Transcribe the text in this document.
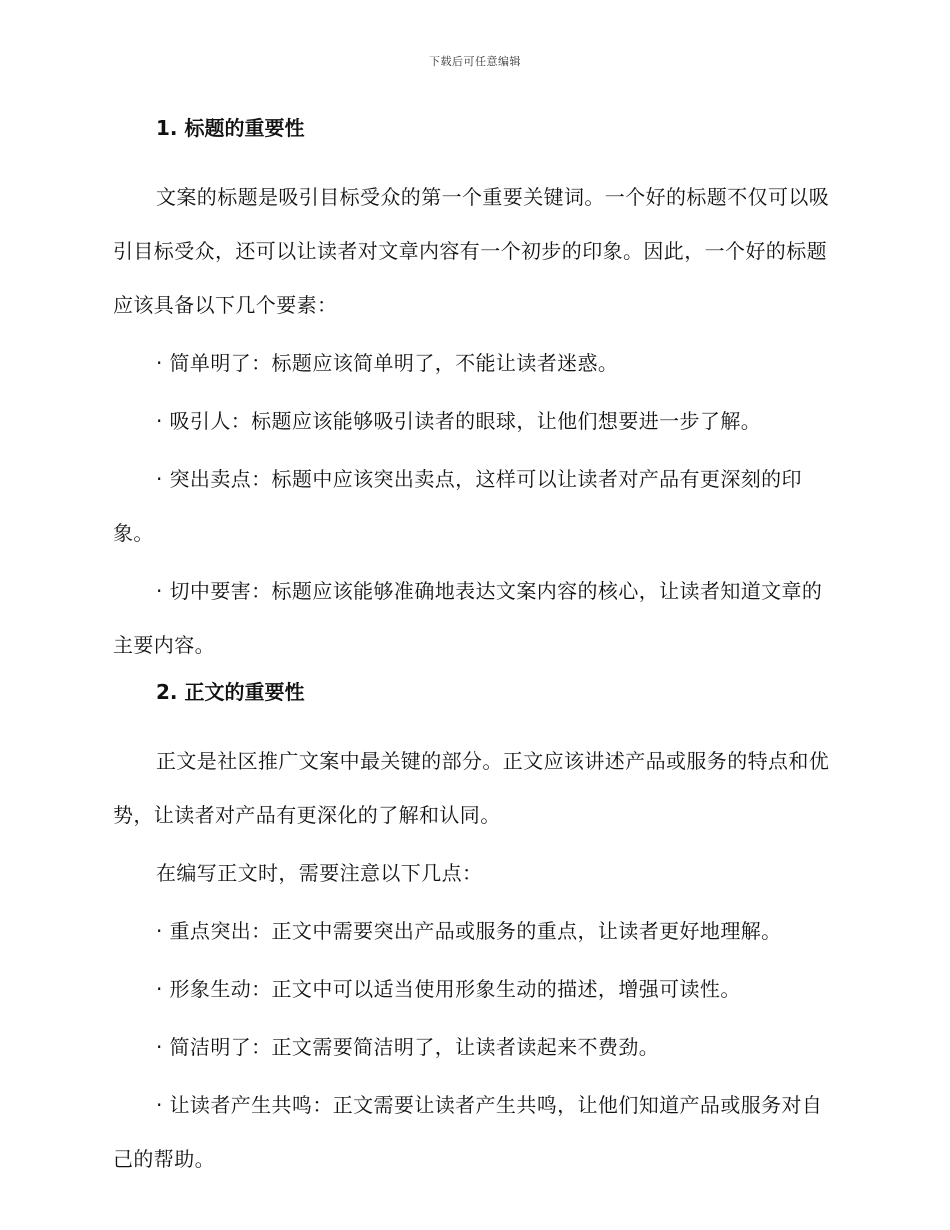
下载后可任意编辑
1. 标题的重要性

文案的标题是吸引目标受众的第一个重要关键词。一个好的标题不仅可以吸引目标受众，还可以让读者对文章内容有一个初步的印象。因此，一个好的标题应该具备以下几个要素：

· 简单明了：标题应该简单明了，不能让读者迷惑。

· 吸引人：标题应该能够吸引读者的眼球，让他们想要进一步了解。

· 突出卖点：标题中应该突出卖点，这样可以让读者对产品有更深刻的印象。

· 切中要害：标题应该能够准确地表达文案内容的核心，让读者知道文章的主要内容。

2. 正文的重要性

正文是社区推广文案中最关键的部分。正文应该讲述产品或服务的特点和优势，让读者对产品有更深化的了解和认同。

在编写正文时，需要注意以下几点：

· 重点突出：正文中需要突出产品或服务的重点，让读者更好地理解。

· 形象生动：正文中可以适当使用形象生动的描述，增强可读性。

· 简洁明了：正文需要简洁明了，让读者读起来不费劲。

· 让读者产生共鸣：正文需要让读者产生共鸣，让他们知道产品或服务对自己的帮助。
